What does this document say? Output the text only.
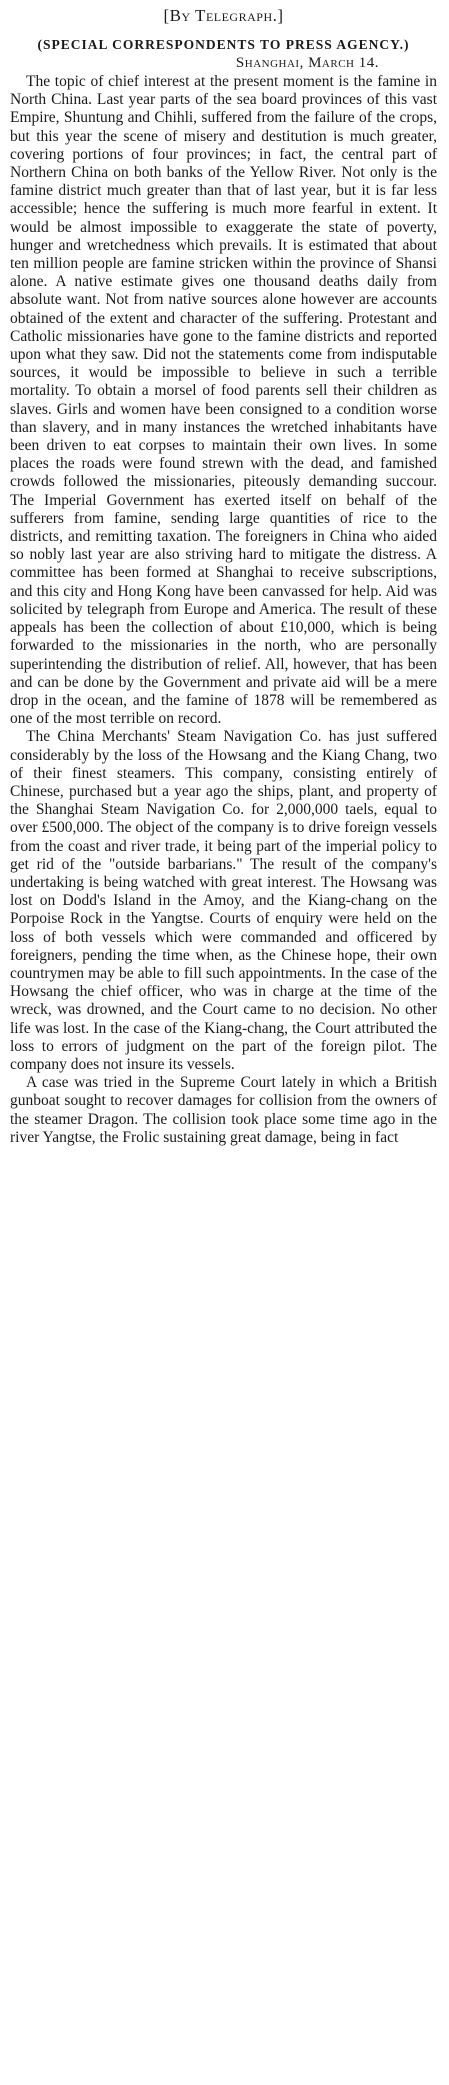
[By Telegraph.]
(SPECIAL CORRESPONDENTS TO PRESS AGENCY.)
Shanghai, March 14.

The topic of chief interest at the present moment is the famine in North China. Last year parts of the sea board provinces of this vast Empire, Shuntung and Chihli, suffered from the failure of the crops, but this year the scene of misery and destitution is much greater, covering portions of four provinces; in fact, the central part of Northern China on both banks of the Yellow River. Not only is the famine district much greater than that of last year, but it is far less accessible; hence the suffering is much more fearful in extent. It would be almost impossible to exaggerate the state of poverty, hunger and wretchedness which prevails. It is estimated that about ten million people are famine stricken within the province of Shansi alone. A native estimate gives one thousand deaths daily from absolute want. Not from native sources alone however are accounts obtained of the extent and character of the suffering. Protestant and Catholic missionaries have gone to the famine districts and reported upon what they saw. Did not the statements come from indisputable sources, it would be impossible to believe in such a terrible mortality. To obtain a morsel of food parents sell their children as slaves. Girls and women have been consigned to a condition worse than slavery, and in many instances the wretched inhabitants have been driven to eat corpses to maintain their own lives. In some places the roads were found strewn with the dead, and famished crowds followed the missionaries, piteously demanding succour. The Imperial Government has exerted itself on behalf of the sufferers from famine, sending large quantities of rice to the districts, and remitting taxation. The foreigners in China who aided so nobly last year are also striving hard to mitigate the distress. A committee has been formed at Shanghai to receive subscriptions, and this city and Hong Kong have been canvassed for help. Aid was solicited by telegraph from Europe and America. The result of these appeals has been the collection of about £10,000, which is being forwarded to the missionaries in the north, who are personally superintending the distribution of relief. All, however, that has been and can be done by the Government and private aid will be a mere drop in the ocean, and the famine of 1878 will be remembered as one of the most terrible on record.

The China Merchants' Steam Navigation Co. has just suffered considerably by the loss of the Howsang and the Kiang Chang, two of their finest steamers. This company, consisting entirely of Chinese, purchased but a year ago the ships, plant, and property of the Shanghai Steam Navigation Co. for 2,000,000 taels, equal to over £500,000. The object of the company is to drive foreign vessels from the coast and river trade, it being part of the imperial policy to get rid of the "outside barbarians." The result of the company's undertaking is being watched with great interest. The Howsang was lost on Dodd's Island in the Amoy, and the Kiang-chang on the Porpoise Rock in the Yangtse. Courts of enquiry were held on the loss of both vessels which were commanded and officered by foreigners, pending the time when, as the Chinese hope, their own countrymen may be able to fill such appointments. In the case of the Howsang the chief officer, who was in charge at the time of the wreck, was drowned, and the Court came to no decision. No other life was lost. In the case of the Kiang-chang, the Court attributed the loss to errors of judgment on the part of the foreign pilot. The company does not insure its vessels.

A case was tried in the Supreme Court lately in which a British gunboat sought to recover damages for collision from the owners of the steamer Dragon. The collision took place some time ago in the river Yangtse, the Frolic sustaining great damage, being in fact
